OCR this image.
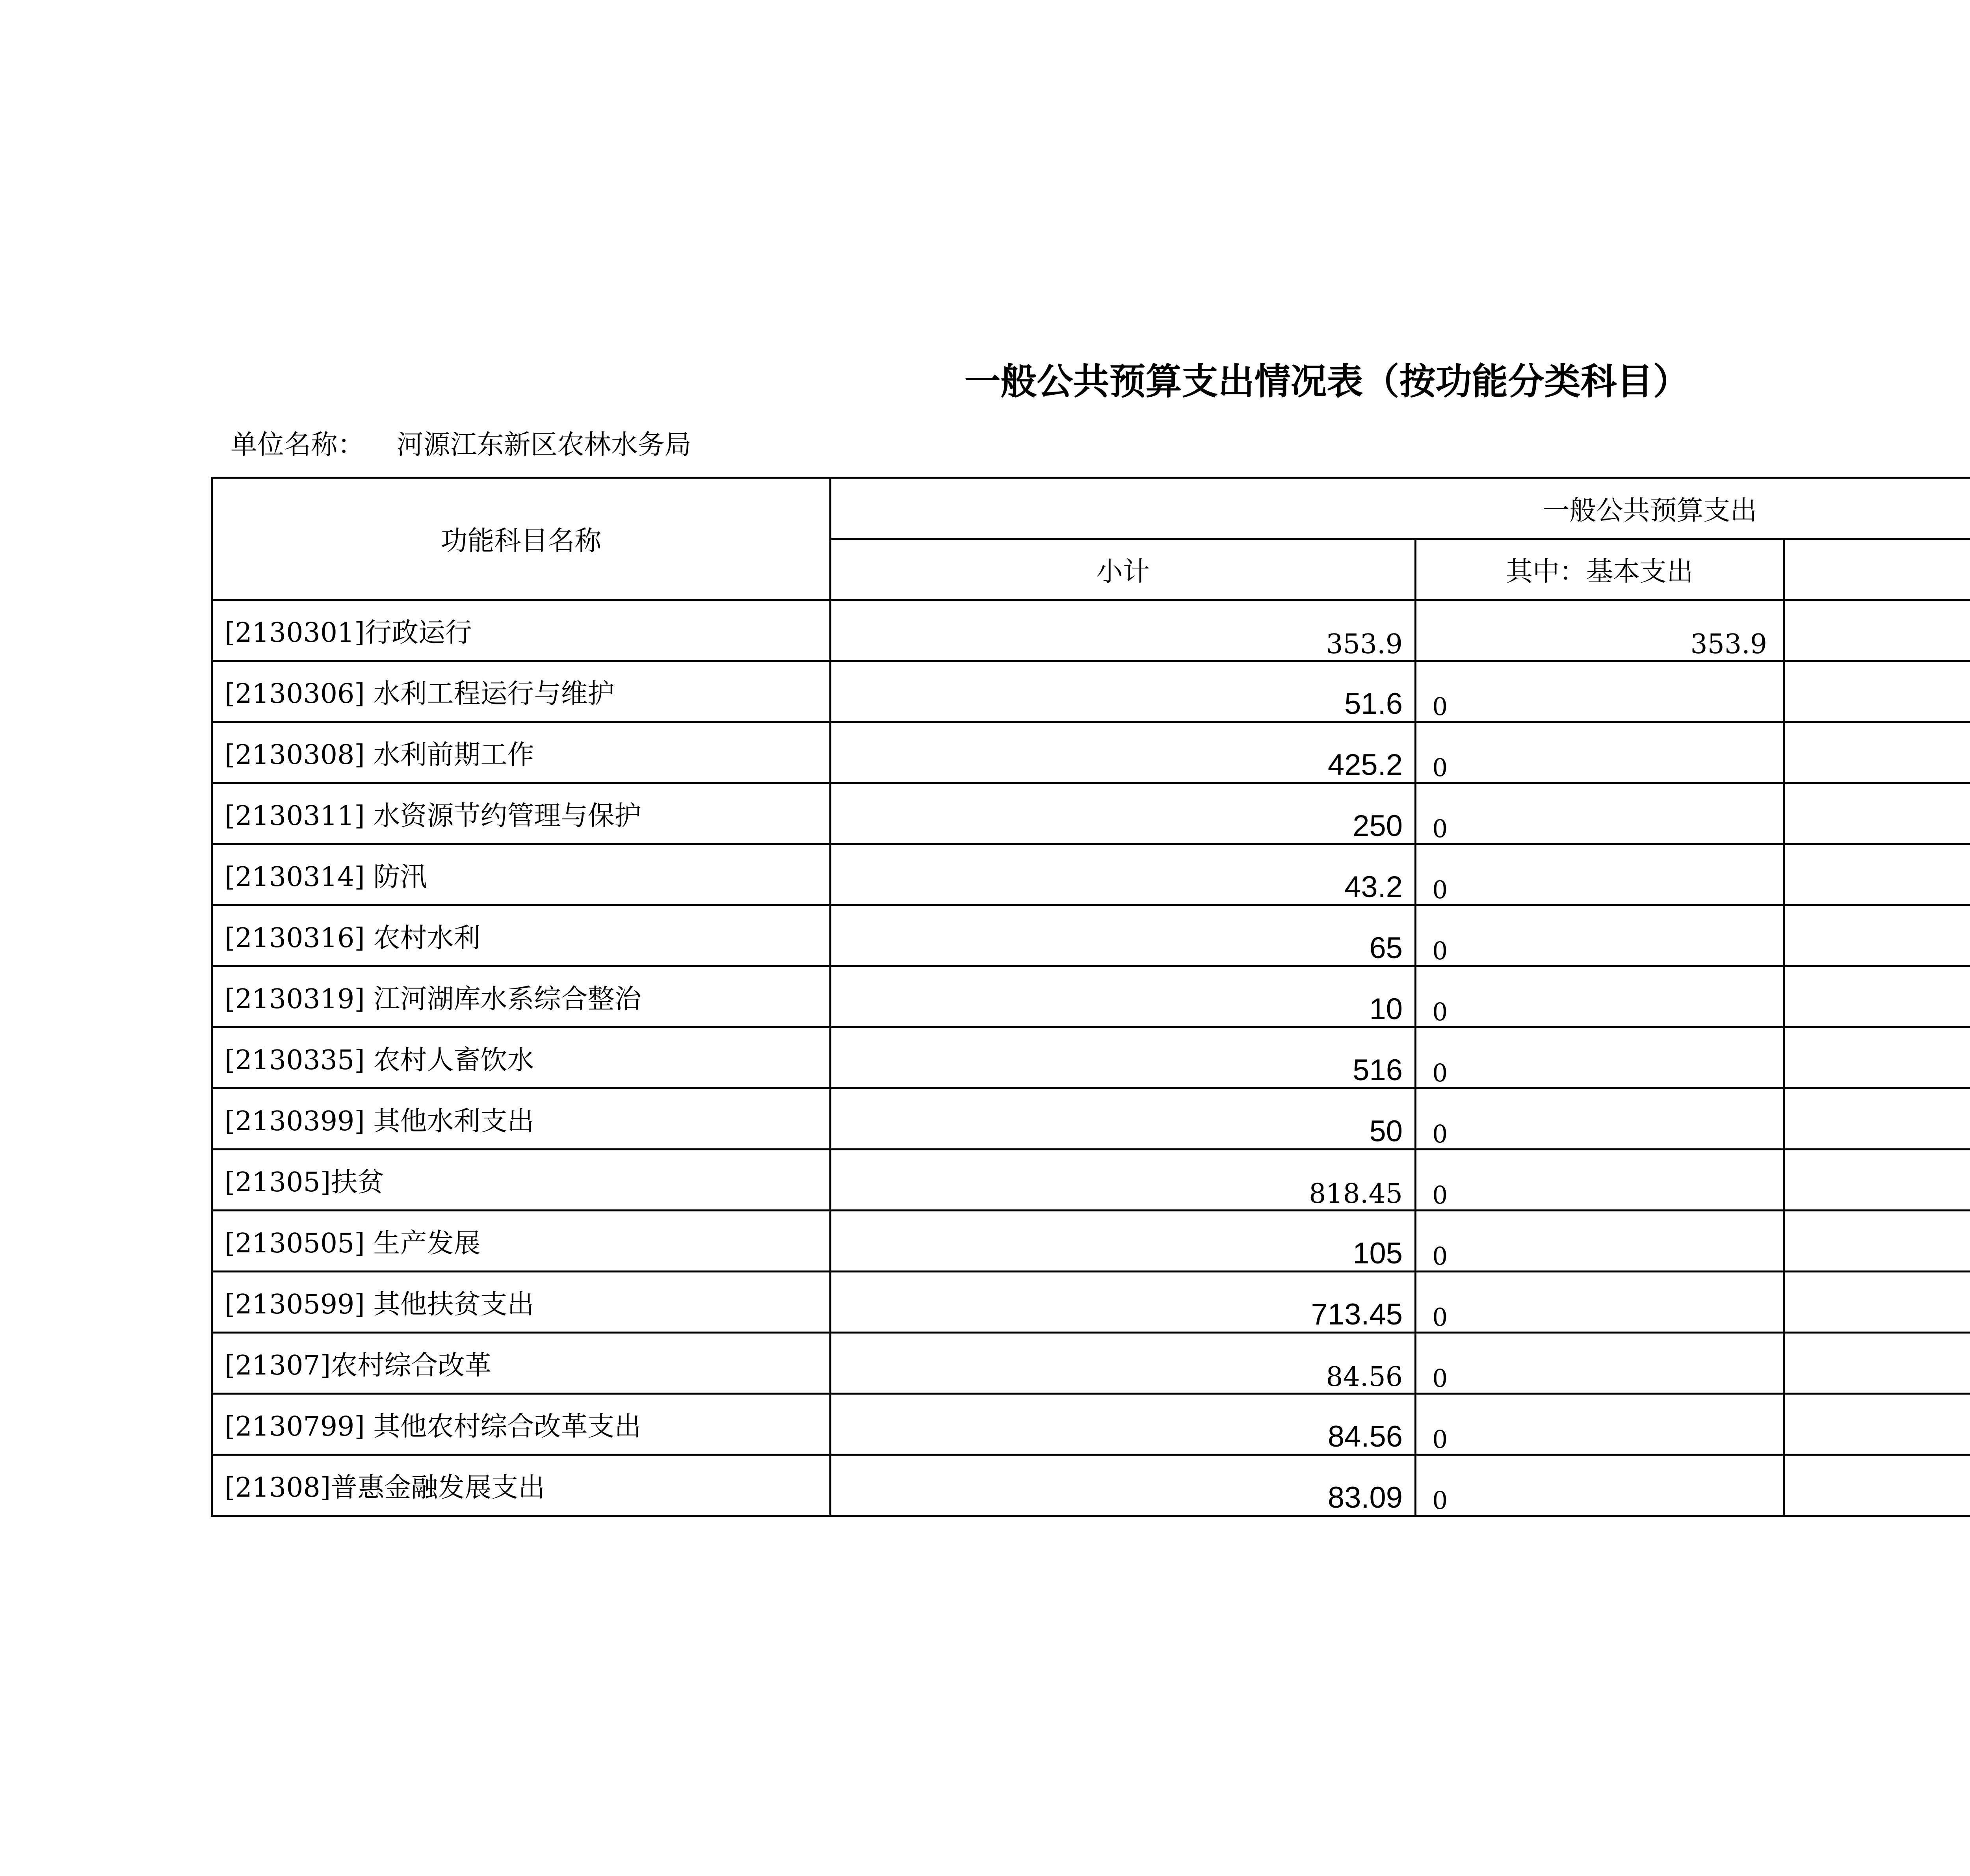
一般公共预算支出情况表（按功能分类科目）
单位名称： 河源江东新区农林水务局
功能科目名称	一般公共预算支出		
	小计	其中：基本支出	
[2130301]行政运行	353.9	353.9	
[2130306] 水利工程运行与维护	51.6	0	
[2130308] 水利前期工作	425.2	0	
[2130311] 水资源节约管理与保护	250	0	
[2130314] 防汛	43.2	0	
[2130316] 农村水利	65	0	
[2130319] 江河湖库水系综合整治	10	0	
[2130335] 农村人畜饮水	516	0	
[2130399] 其他水利支出	50	0	
[21305]扶贫	818.45	0	
[2130505] 生产发展	105	0	
[2130599] 其他扶贫支出	713.45	0	
[21307]农村综合改革	84.56	0	
[2130799] 其他农村综合改革支出	84.56	0	
[21308]普惠金融发展支出	83.09	0	
